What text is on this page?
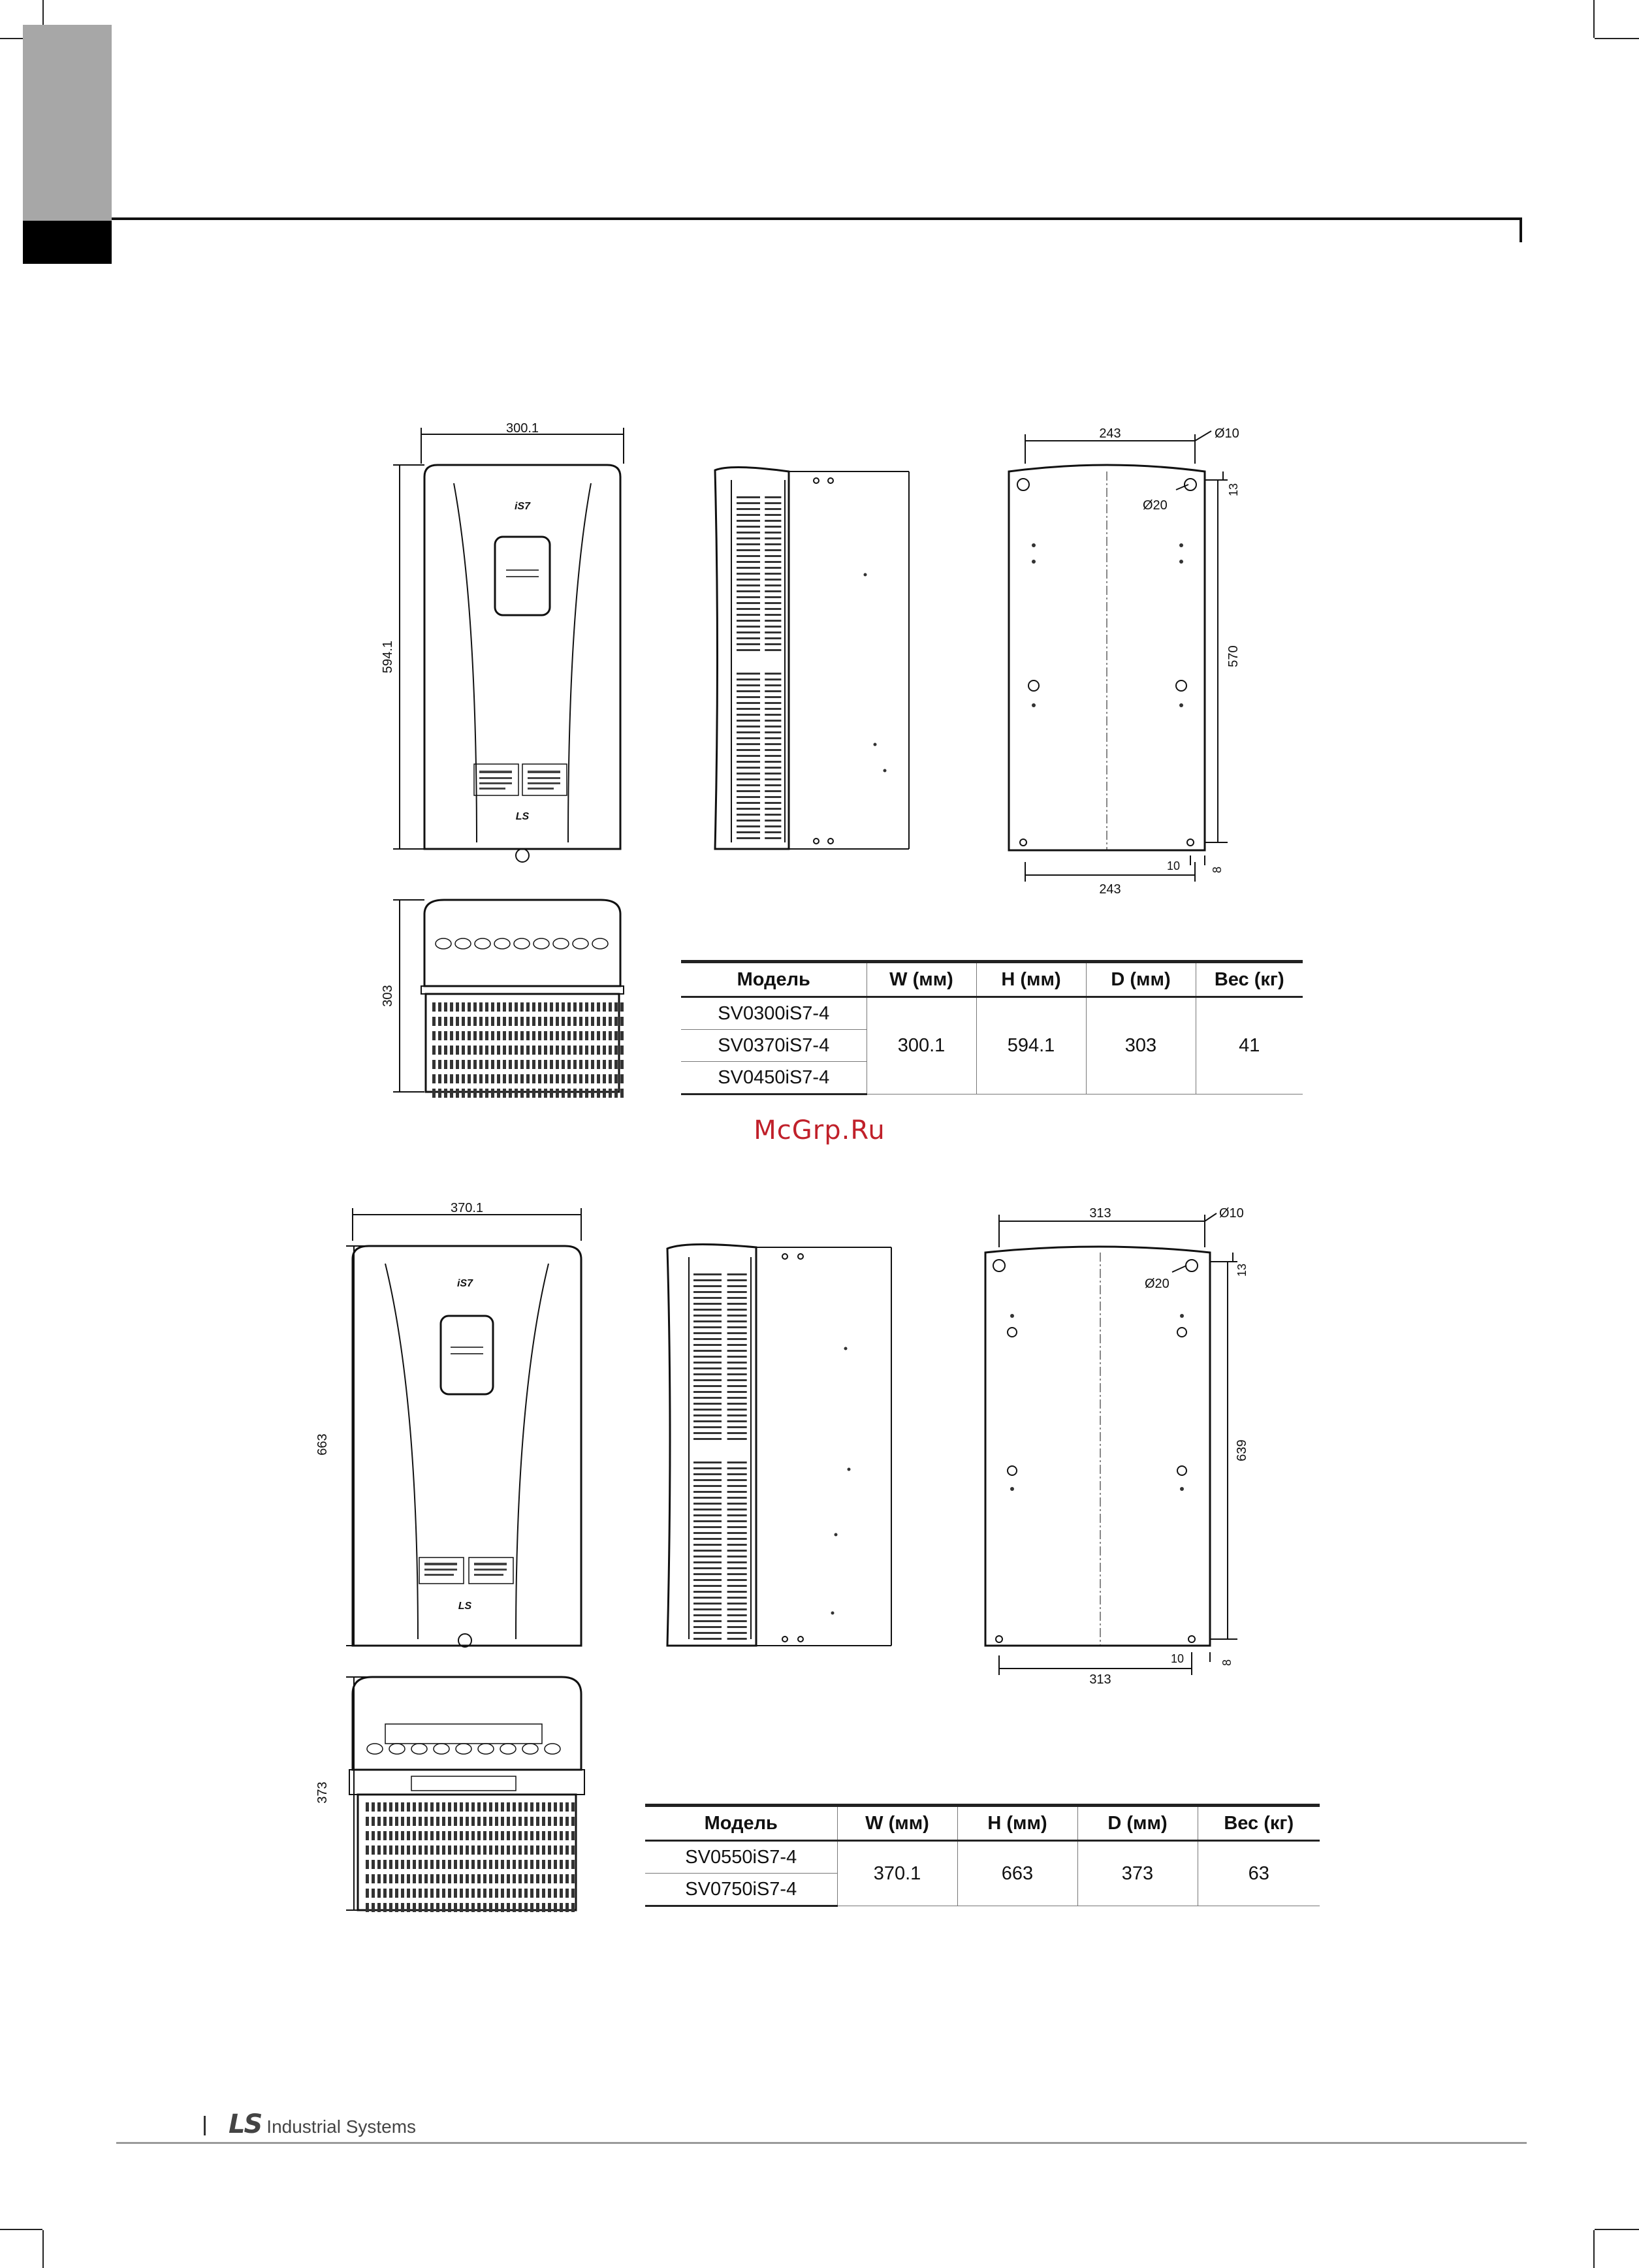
300.1
594.1
iS7
LS
243	Ø10
Ø20
13
570
10	8
243
303
Модель	W (мм)	H (мм)	D (мм)	Вес (кг)
SV0300iS7-4	300.1	594.1	303	41
SV0370iS7-4				
SV0450iS7-4				
McGrp.Ru
370.1
663
iS7
LS
313	Ø10
Ø20
13
639
10	8
313
373
Модель	W (мм)	H (мм)	D (мм)	Вес (кг)
SV0550iS7-4	370.1	663	373	63
SV0750iS7-4				
LS Industrial Systems
